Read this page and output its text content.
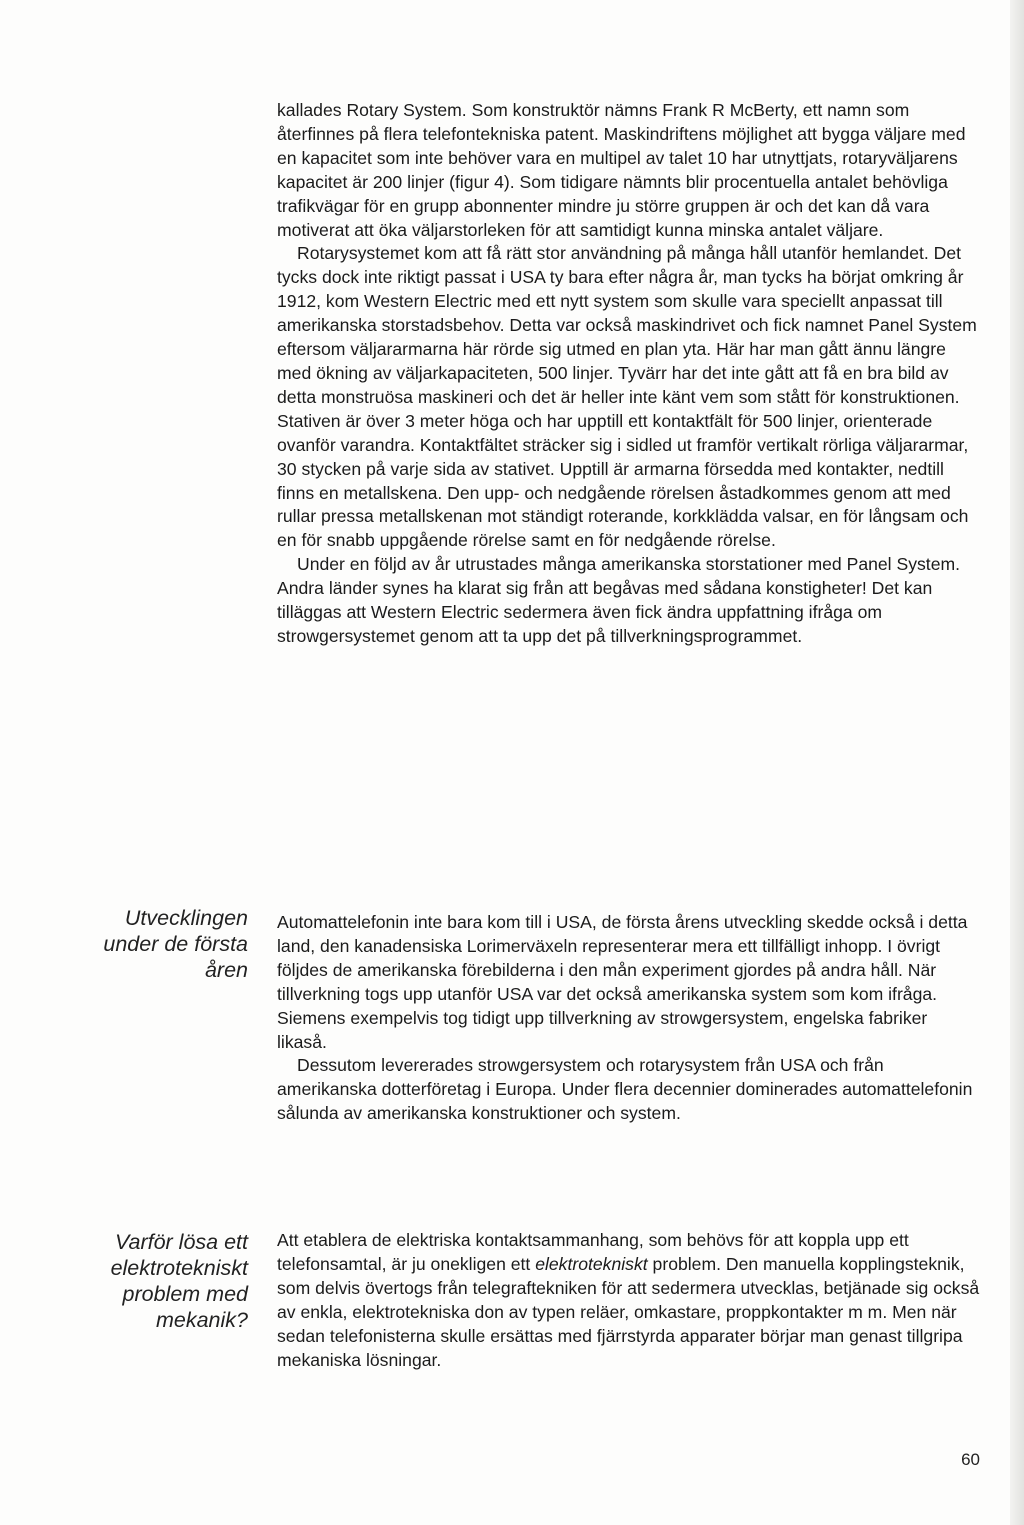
kallades Rotary System. Som konstruktör nämns Frank R McBerty, ett namn som återfinnes på flera telefontekniska patent. Maskindriftens möjlighet att bygga väljare med en kapacitet som inte behöver vara en multipel av talet 10 har utnyttjats, rotaryväljarens kapacitet är 200 linjer (figur 4). Som tidigare nämnts blir procentuella antalet behövliga trafikvägar för en grupp abonnenter mindre ju större gruppen är och det kan då vara motiverat att öka väljarstorleken för att samtidigt kunna minska antalet väljare.

Rotarysystemet kom att få rätt stor användning på många håll utanför hemlandet. Det tycks dock inte riktigt passat i USA ty bara efter några år, man tycks ha börjat omkring år 1912, kom Western Electric med ett nytt system som skulle vara speciellt anpassat till amerikanska storstadsbehov. Detta var också maskindrivet och fick namnet Panel System eftersom väljararmarna här rörde sig utmed en plan yta. Här har man gått ännu längre med ökning av väljarkapaciteten, 500 linjer. Tyvärr har det inte gått att få en bra bild av detta monstruösa maskineri och det är heller inte känt vem som stått för konstruktionen. Stativen är över 3 meter höga och har upptill ett kontaktfält för 500 linjer, orienterade ovanför varandra. Kontaktfältet sträcker sig i sidled ut framför vertikalt rörliga väljararmar, 30 stycken på varje sida av stativet. Upptill är armarna försedda med kontakter, nedtill finns en metallskena. Den upp- och nedgående rörelsen åstadkommes genom att med rullar pressa metallskenan mot ständigt roterande, korkklädda valsar, en för långsam och en för snabb uppgående rörelse samt en för nedgående rörelse.

Under en följd av år utrustades många amerikanska storstationer med Panel System. Andra länder synes ha klarat sig från att begåvas med sådana konstigheter! Det kan tilläggas att Western Electric sedermera även fick ändra uppfattning ifråga om strowgersystemet genom att ta upp det på tillverkningsprogrammet.

Utvecklingen
under de första
åren

Automattelefonin inte bara kom till i USA, de första årens utveckling skedde också i detta land, den kanadensiska Lorimerväxeln representerar mera ett tillfälligt inhopp. I övrigt följdes de amerikanska förebilderna i den mån experiment gjordes på andra håll. När tillverkning togs upp utanför USA var det också amerikanska system som kom ifråga. Siemens exempelvis tog tidigt upp tillverkning av strowgersystem, engelska fabriker likaså.

Dessutom levererades strowgersystem och rotarysystem från USA och från amerikanska dotterföretag i Europa. Under flera decennier dominerades automattelefonin sålunda av amerikanska konstruktioner och system.

Varför lösa ett
elektrotekniskt
problem med
mekanik?

Att etablera de elektriska kontaktsammanhang, som behövs för att koppla upp ett telefonsamtal, är ju onekligen ett elektrotekniskt problem. Den manuella kopplingsteknik, som delvis övertogs från telegraftekniken för att sedermera utvecklas, betjänade sig också av enkla, elektrotekniska don av typen reläer, omkastare, proppkontakter m m. Men när sedan telefonisterna skulle ersättas med fjärrstyrda apparater börjar man genast tillgripa mekaniska lösningar.

60
